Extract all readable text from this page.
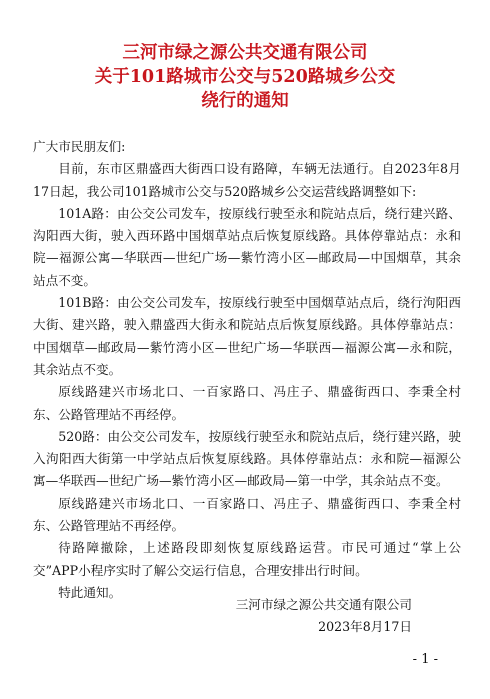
三河市绿之源公共交通有限公司
关于101路城市公交与520路城乡公交
绕行的通知

广大市民朋友们:

目前，东市区鼎盛西大街西口设有路障，车辆无法通行。自2023年8月17日起，我公司101路城市公交与520路城乡公交运营线路调整如下:

101A路：由公交公司发车，按原线行驶至永和院站点后，绕行建兴路、沟阳西大街，驶入西环路中国烟草站点后恢复原线路。具体停靠站点：永和院—福源公寓—华联西—世纪广场—紫竹湾小区—邮政局—中国烟草，其余站点不变。

101B路：由公交公司发车，按原线行驶至中国烟草站点后，绕行泃阳西大街、建兴路，驶入鼎盛西大街永和院站点后恢复原线路。具体停靠站点：中国烟草—邮政局—紫竹湾小区—世纪广场—华联西—福源公寓—永和院，其余站点不变。

原线路建兴市场北口、一百家路口、冯庄子、鼎盛街西口、李秉全村东、公路管理站不再经停。

520路：由公交公司发车，按原线行驶至永和院站点后，绕行建兴路，驶入泃阳西大街第一中学站点后恢复原线路。具体停靠站点：永和院—福源公寓—华联西—世纪广场—紫竹湾小区—邮政局—第一中学，其余站点不变。

原线路建兴市场北口、一百家路口、冯庄子、鼎盛街西口、李秉全村东、公路管理站不再经停。

待路障撤除，上述路段即刻恢复原线路运营。市民可通过“掌上公交”APP小程序实时了解公交运行信息，合理安排出行时间。

特此通知。

三河市绿之源公共交通有限公司
2023年8月17日
- 1 -
